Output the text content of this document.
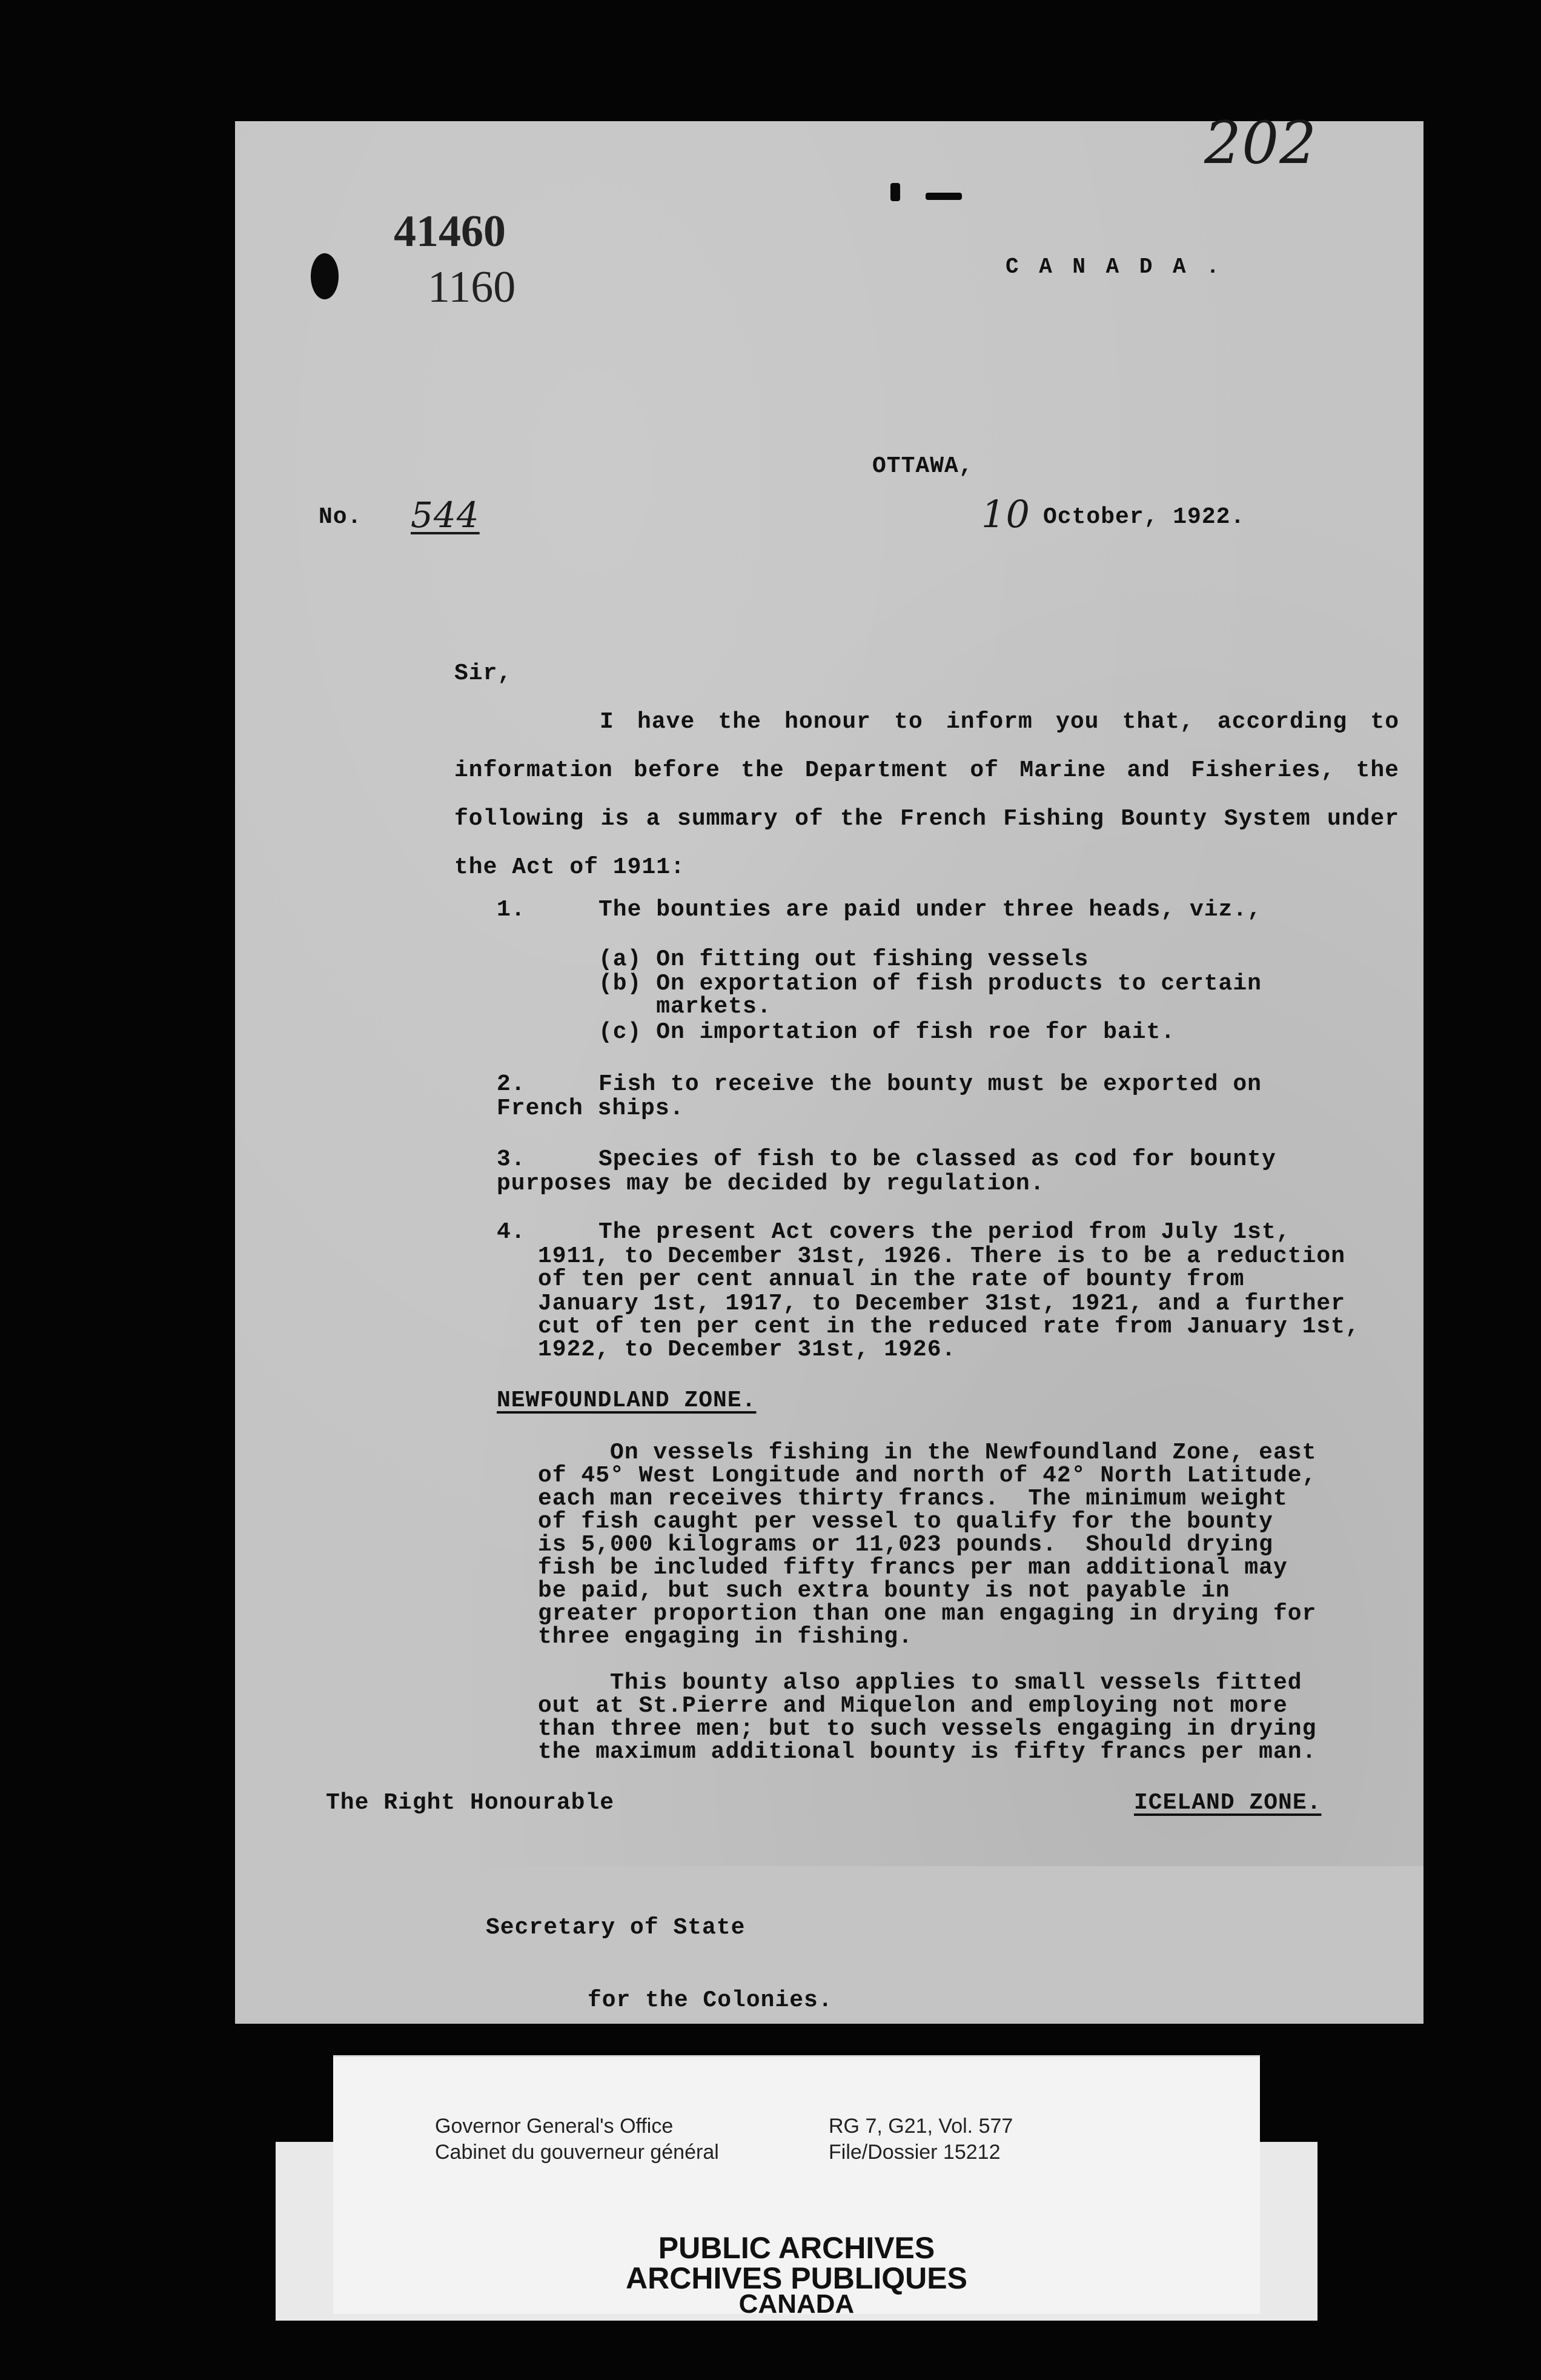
202
41460
1160	C A N A D A .
OTTAWA,
No. 544	10 October, 1922.
Sir,
I have the honour to inform you that, according to information before the Department of Marine and Fisheries, the following is a summary of the French Fishing Bounty System under the Act of 1911:
1.	The bounties are paid under three heads, viz.,
(a) On fitting out fishing vessels
(b) On exportation of fish products to certain
markets.
(c) On importation of fish roe for bait.
2.	Fish to receive the bounty must be exported on
French ships.
3.	Species of fish to be classed as cod for bounty
purposes may be decided by regulation.
4.	The present Act covers the period from July 1st,
1911, to December 31st, 1926. There is to be a reduction
of ten per cent annual in the rate of bounty from
January 1st, 1917, to December 31st, 1921, and a further
cut of ten per cent in the reduced rate from January 1st,
1922, to December 31st, 1926.
NEWFOUNDLAND ZONE.
On vessels fishing in the Newfoundland Zone, east
of 45° West Longitude and north of 42° North Latitude,
each man receives thirty francs.  The minimum weight
of fish caught per vessel to qualify for the bounty
is 5,000 kilograms or 11,023 pounds.  Should drying
fish be included fifty francs per man additional may
be paid, but such extra bounty is not payable in
greater proportion than one man engaging in drying for
three engaging in fishing.
This bounty also applies to small vessels fitted
out at St.Pierre and Miquelon and employing not more
than three men; but to such vessels engaging in drying
the maximum additional bounty is fifty francs per man.
The Right Honourable	ICELAND ZONE.
Secretary of State
for the Colonies.
Governor General's Office
Cabinet du gouverneur général
RG 7, G21, Vol. 577
File/Dossier 15212
PUBLIC ARCHIVES
ARCHIVES PUBLIQUES
CANADA
